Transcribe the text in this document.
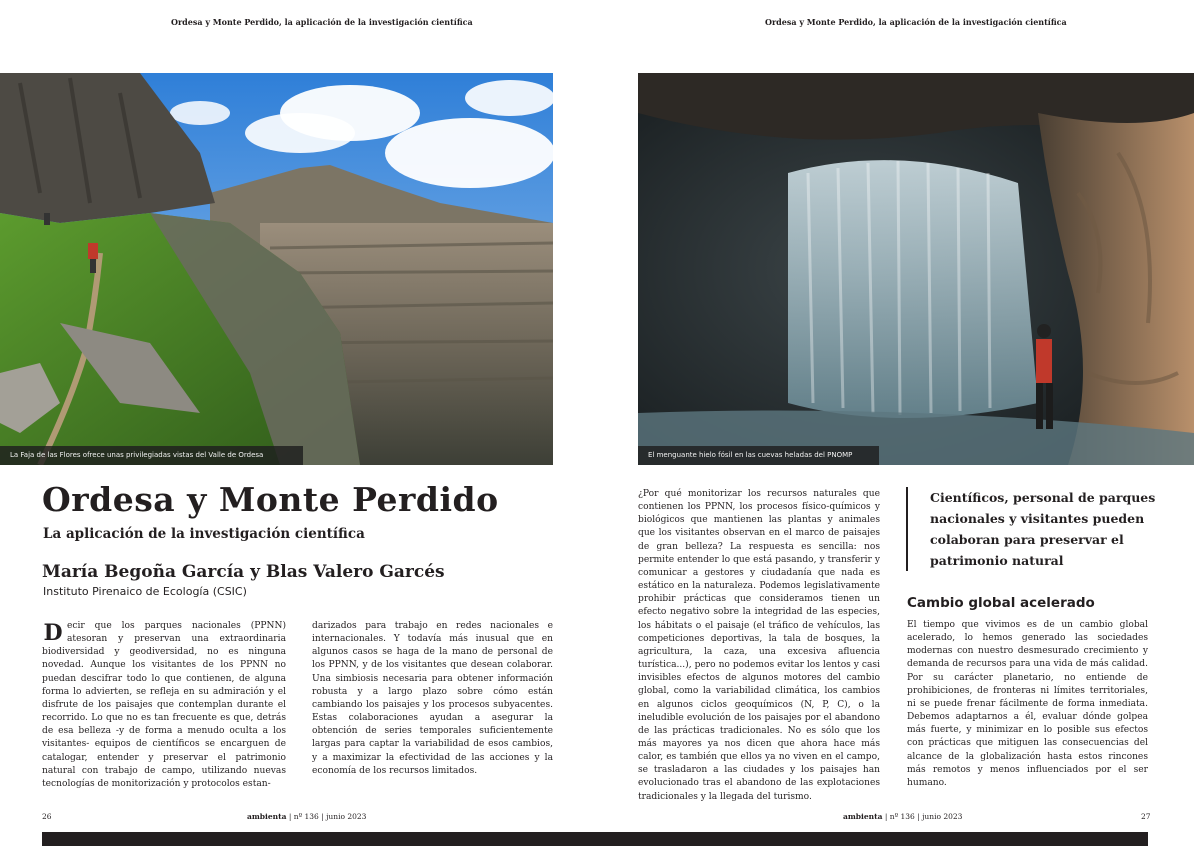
Ordesa y Monte Perdido, la aplicación de la investigación científica
La Faja de las Flores ofrece unas privilegiadas vistas del Valle de Ordesa
Ordesa y Monte Perdido
La aplicación de la investigación científica
María Begoña García y Blas Valero Garcés
Instituto Pirenaico de Ecología (CSIC)

D ecir que los parques nacionales (PPNN) atesoran y preservan una extraordinaria biodiversidad y geodiversidad, no es ninguna novedad. Aunque los visitantes de los PPNN no puedan descifrar todo lo que contienen, de alguna forma lo advierten, se refleja en su admiración y el disfrute de los paisajes que contemplan durante el recorrido. Lo que no es tan frecuente es que, detrás de esa belleza -y de forma a menudo oculta a los visitantes- equipos de científicos se encarguen de catalogar, entender y preservar el patrimonio natural con trabajo de campo, utilizando nuevas tecnologías de monitorización y protocolos estan-

darizados para trabajo en redes nacionales e internacionales. Y todavía más inusual que en algunos casos se haga de la mano de personal de los PPNN, y de los visitantes que desean colaborar. Una simbiosis necesaria para obtener información robusta y a largo plazo sobre cómo están cambiando los paisajes y los procesos subyacentes. Estas colaboraciones ayudan a asegurar la obtención de series temporales suficientemente largas para captar la variabilidad de esos cambios, y a maximizar la efectividad de las acciones y la economía de los recursos limitados.

26	ambienta | nº 136 | junio 2023
Ordesa y Monte Perdido, la aplicación de la investigación científica
El menguante hielo fósil en las cuevas heladas del PNOMP

¿Por qué monitorizar los recursos naturales que contienen los PPNN, los procesos físico-químicos y biológicos que mantienen las plantas y animales que los visitantes observan en el marco de paisajes de gran belleza? La respuesta es sencilla: nos permite entender lo que está pasando, y transferir y comunicar a gestores y ciudadanía que nada es estático en la naturaleza. Podemos legislativamente prohibir prácticas que consideramos tienen un efecto negativo sobre la integridad de las especies, los hábitats o el paisaje (el tráfico de vehículos, las competiciones deportivas, la tala de bosques, la agricultura, la caza, una excesiva afluencia turística...), pero no podemos evitar los lentos y casi invisibles efectos de algunos motores del cambio global, como la variabilidad climática, los cambios en algunos ciclos geoquímicos (N, P, C), o la ineludible evolución de los paisajes por el abandono de las prácticas tradicionales. No es sólo que los más mayores ya nos dicen que ahora hace más calor, es también que ellos ya no viven en el campo, se trasladaron a las ciudades y los paisajes han evolucionado tras el abandono de las explotaciones tradicionales y la llegada del turismo.

Científicos, personal de parques nacionales y visitantes pueden colaboran para preservar el patrimonio natural

Cambio global acelerado

El tiempo que vivimos es de un cambio global acelerado, lo hemos generado las sociedades modernas con nuestro desmesurado crecimiento y demanda de recursos para una vida de más calidad. Por su carácter planetario, no entiende de prohibiciones, de fronteras ni límites territoriales, ni se puede frenar fácilmente de forma inmediata. Debemos adaptarnos a él, evaluar dónde golpea más fuerte, y minimizar en lo posible sus efectos con prácticas que mitiguen las consecuencias del alcance de la globalización hasta estos rincones más remotos y menos influenciados por el ser humano.

ambienta | nº 136 | junio 2023	27
